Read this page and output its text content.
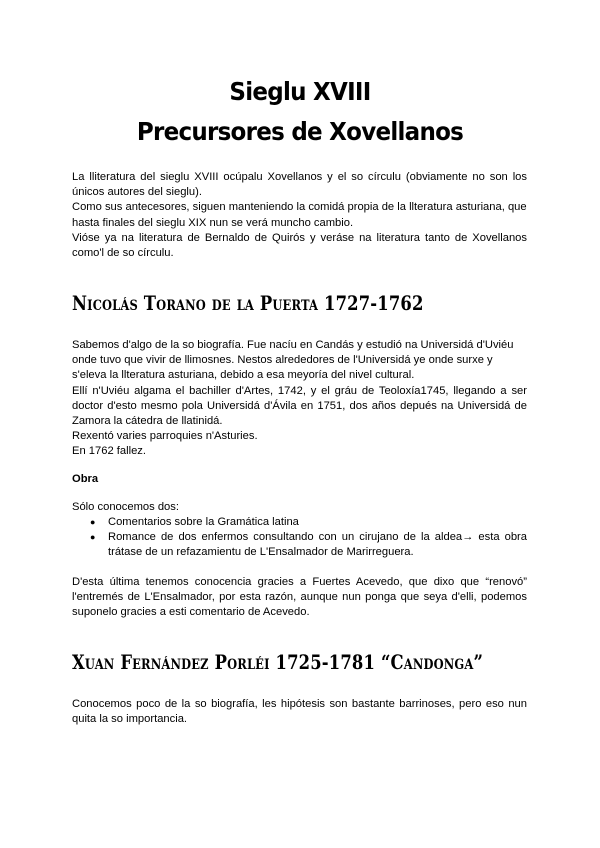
Sieglu XVIII
Precursores de Xovellanos
La lliteratura del sieglu XVIII ocúpalu Xovellanos y el so círculu (obviamente no son los únicos autores del sieglu).
Como sus antecesores, siguen manteniendo la comidá propia de la llteratura asturiana, que hasta finales del sieglu XIX nun se verá muncho cambio.
Vióse ya na literatura de Bernaldo de Quirós y veráse na literatura tanto de Xovellanos como'l de so círculu.
Nicolás Torano de la Puerta 1727-1762
Sabemos d'algo de la so biografía. Fue nacíu en Candás y estudió na Universidá d'Uviéu onde tuvo que vivir de llimosnes. Nestos alrededores de l'Universidá ye onde surxe y s'eleva la llteratura asturiana, debido a esa meyoría del nivel cultural.
Ellí n'Uviéu algama el bachiller d'Artes, 1742, y el gráu de Teoloxía1745, llegando a ser doctor d'esto mesmo pola Universidá d'Ávila en 1751, dos años depués na Universidá de Zamora la cátedra de llatinidá.
Rexentó varies parroquies n'Asturies.
En 1762 fallez.

Obra

Sólo conocemos dos:

● Comentarios sobre la Gramática latina
● Romance de dos enfermos consultando con un cirujano de la aldea→ esta obra trátase de un refazamientu de L'Ensalmador de Marirreguera.

D'esta última tenemos conocencia gracies a Fuertes Acevedo, que dixo que “renovó” l'entremés de L'Ensalmador, por esta razón, aunque nun ponga que seya d'elli, podemos suponelo gracies a esti comentario de Acevedo.

Xuan Fernández Porléi 1725-1781 “Candonga”

Conocemos poco de la so biografía, les hipótesis son bastante barrinoses, pero eso nun quita la so importancia.
